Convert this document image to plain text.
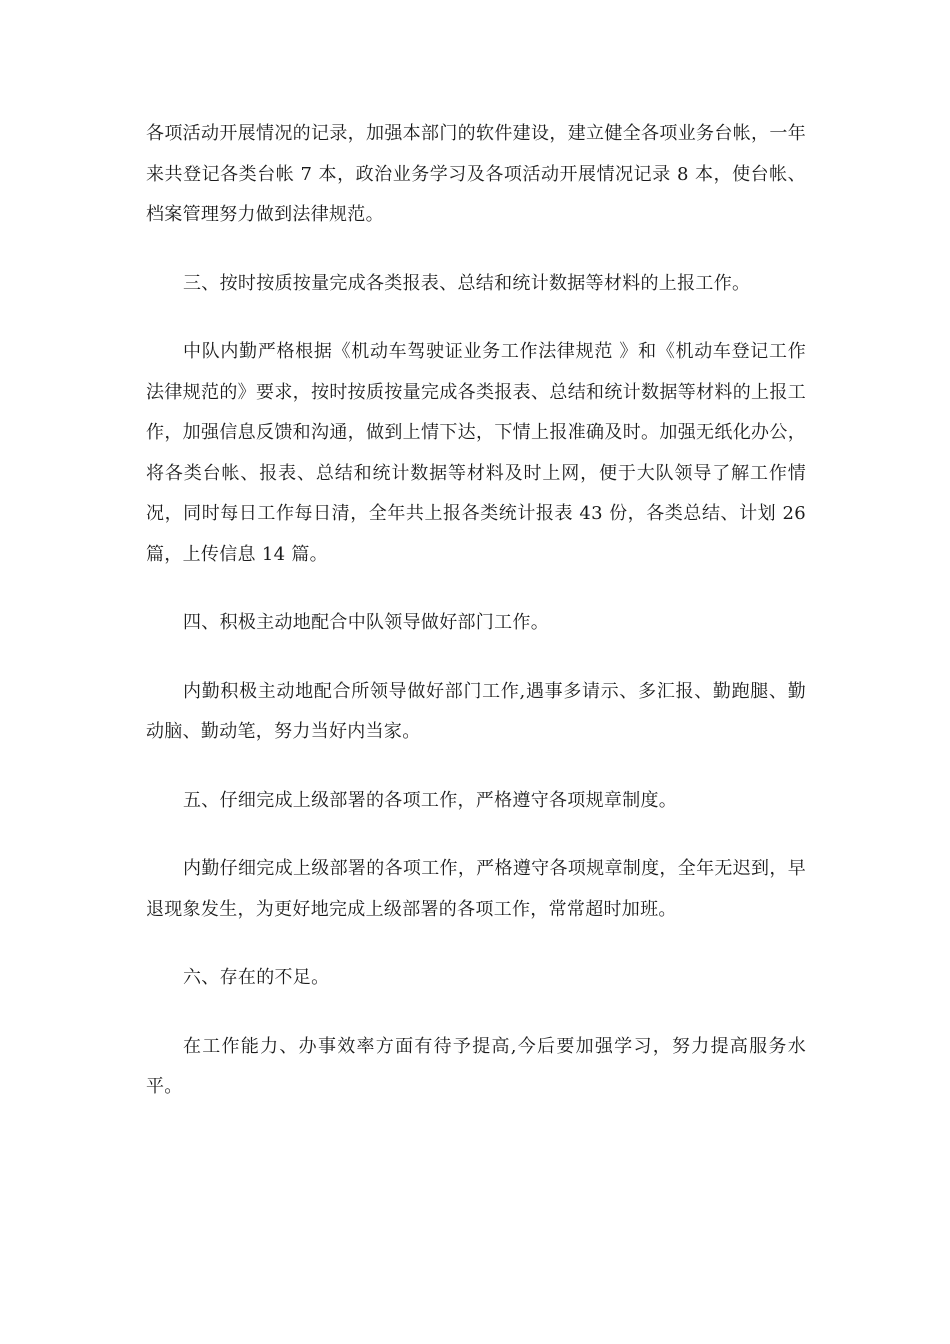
各项活动开展情况的记录，加强本部门的软件建设，建立健全各项业务台帐，一年来共登记各类台帐 7 本，政治业务学习及各项活动开展情况记录 8 本，使台帐、档案管理努力做到法律规范。

三、按时按质按量完成各类报表、总结和统计数据等材料的上报工作。

中队内勤严格根据《机动车驾驶证业务工作法律规范 》和《机动车登记工作法律规范的》要求，按时按质按量完成各类报表、总结和统计数据等材料的上报工作，加强信息反馈和沟通，做到上情下达，下情上报准确及时。加强无纸化办公，将各类台帐、报表、总结和统计数据等材料及时上网，便于大队领导了解工作情况，同时每日工作每日清，全年共上报各类统计报表 43 份，各类总结、计划 26 篇，上传信息 14 篇。

四、积极主动地配合中队领导做好部门工作。

内勤积极主动地配合所领导做好部门工作,遇事多请示、多汇报、勤跑腿、勤动脑、勤动笔，努力当好内当家。

五、仔细完成上级部署的各项工作，严格遵守各项规章制度。

内勤仔细完成上级部署的各项工作，严格遵守各项规章制度，全年无迟到，早退现象发生，为更好地完成上级部署的各项工作，常常超时加班。

六、存在的不足。

在工作能力、办事效率方面有待予提高,今后要加强学习，努力提高服务水平。
